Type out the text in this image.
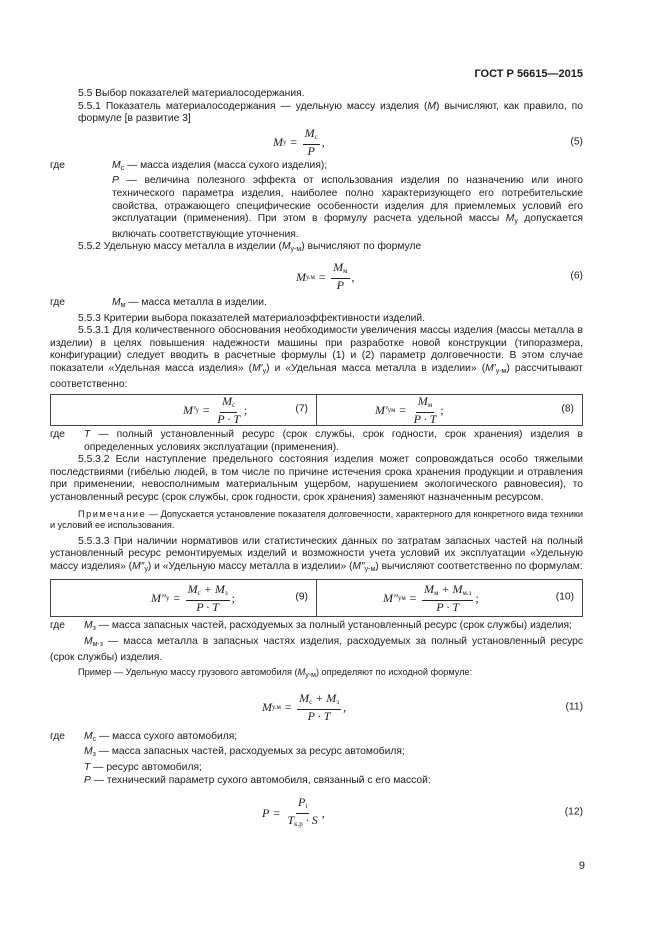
ГОСТ Р 56615—2015

5.5 Выбор показателей материалосодержания.

5.5.1 Показатель материалосодержания — удельную массу изделия (M) вычисляют, как правило, по формуле [в развитие 3]

M $у = \frac{M_с}{P}$ ,	(5)
где	$M_с$ — масса изделия (масса сухого изделия);

P — величина полезного эффекта от использования изделия по назначению или иного технического параметра изделия, наиболее полно характеризующего его потребительские свойства, отражающего специфические особенности изделия для приемлемых условий его эксплуатации (применения). При этом в формулу расчета удельной массы $M_у$ допускается включать соответствующие уточнения.

5.5.2 Удельную массу металла в изделии $(M_{у-м})$ вычисляют по формуле

M $у.м = \frac{M_м}{P}$ ,	(6)
где	$M_м$ — масса металла в изделии.

5.5.3 Критерии выбора показателей материалоэффективности изделий.

5.5.3.1 Для количественного обоснования необходимости увеличения массы изделия (массы металла в изделии) в целях повышения надежности машины при разработке новой конструкции (типоразмера, конфигурации) следует вводить в расчетные формулы (1) и (2) параметр долговечности. В этом случае показатели «Удельная масса изделия» $(M'_у)$ и «Удельная масса металла в изделии» $(M'_{у-м})$ рассчитывают соответственно:

M′ $у = \frac{M_с}{P \cdot T}$ ;	(7)	M′ ум = $\frac{M_м}{P \cdot T}$ ;	(8)
где	T — полный установленный ресурс (срок службы, срок годности, срок хранения) изделия в определенных условиях эксплуатации (применения).

5.5.3.2 Если наступление предельного состояния изделия может сопровождаться особо тяжелыми последствиями (гибелью людей, в том числе по причине истечения срока хранения продукции и отравления при применении, невосполнимым материальным ущербом, нарушением экологического равновесия), то установленный ресурс (срок службы, срок годности, срок хранения) заменяют назначенным ресурсом.

Примечание — Допускается установление показателя долговечности, характерного для конкретного вида техники и условий ее использования.

5.5.3.3 При наличии нормативов или статистических данных по затратам запасных частей на полный установленный ресурс ремонтируемых изделий и возможности учета условий их эксплуатации «Удельную массу изделия» $(M''_у)$ и «Удельную массу металла в изделии» $(M''_{у-м})$ вычисляют соответственно по формулам:

M″ $у = \frac{M_с + M_з}{P \cdot T}$ ;	(9)	M″ ум = $\frac{M_м + M_{м.з}}{P \cdot T}$ ;	(10)
где	$M_з$ — масса запасных частей, расходуемых за полный установленный ресурс (срок службы) изделия;

$M_{м-з}$ — масса металла в запасных частях изделия, расходуемых за полный установленный ресурс (срок службы) изделия.

Пример — Удельную массу грузового автомобиля $(M_{у-м})$ определяют по исходной формуле:

M $у.м = \frac{M_с + M_з}{P \cdot T}$ ,	(11)
где	$M_с$ — масса сухого автомобиля;

$M_з$ — масса запасных частей, расходуемых за ресурс автомобиля;

T — ресурс автомобиля;

P — технический параметр сухого автомобиля, связанный с его массой:

$P = \frac{P_i}{T_{к.р} \cdot S}$ ,	(12)
9
